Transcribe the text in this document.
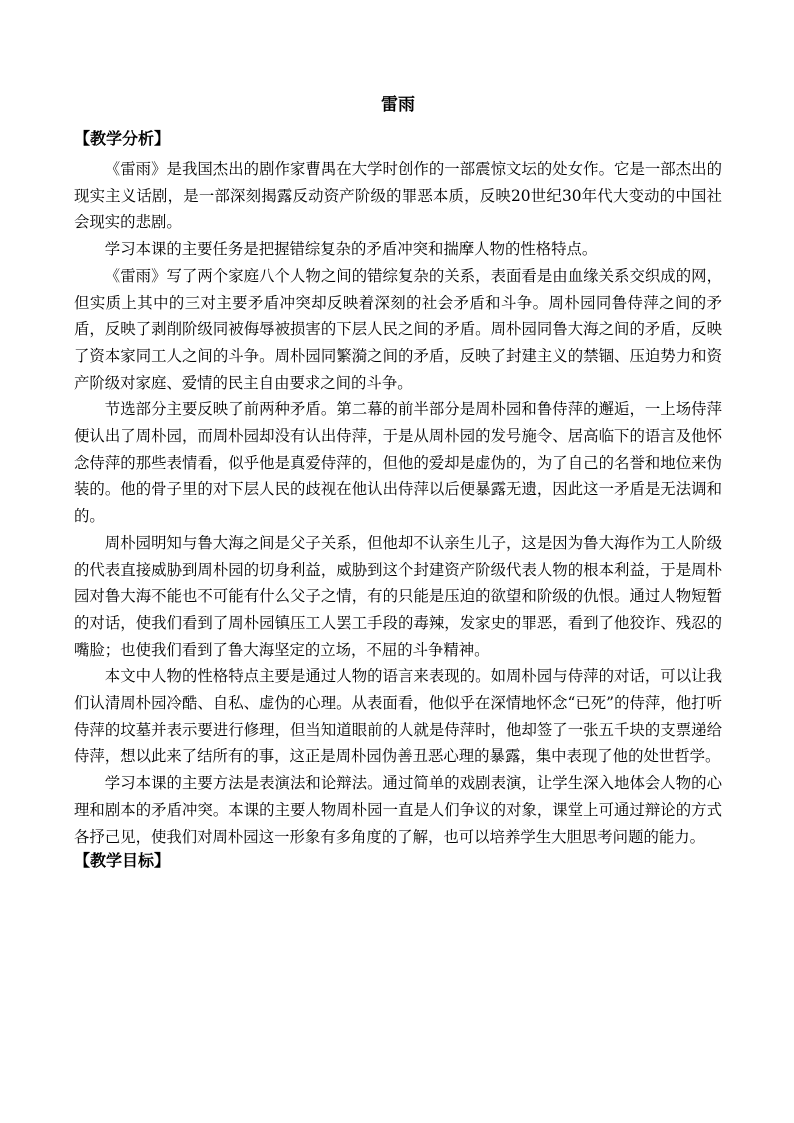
雷雨
【教学分析】

《雷雨》是我国杰出的剧作家曹禺在大学时创作的一部震惊文坛的处女作。它是一部杰出的现实主义话剧，是一部深刻揭露反动资产阶级的罪恶本质，反映20世纪30年代大变动的中国社会现实的悲剧。

学习本课的主要任务是把握错综复杂的矛盾冲突和揣摩人物的性格特点。

《雷雨》写了两个家庭八个人物之间的错综复杂的关系，表面看是由血缘关系交织成的网，但实质上其中的三对主要矛盾冲突却反映着深刻的社会矛盾和斗争。周朴园同鲁侍萍之间的矛盾，反映了剥削阶级同被侮辱被损害的下层人民之间的矛盾。周朴园同鲁大海之间的矛盾，反映了资本家同工人之间的斗争。周朴园同繁漪之间的矛盾，反映了封建主义的禁锢、压迫势力和资产阶级对家庭、爱情的民主自由要求之间的斗争。

节选部分主要反映了前两种矛盾。第二幕的前半部分是周朴园和鲁侍萍的邂逅，一上场侍萍便认出了周朴园，而周朴园却没有认出侍萍，于是从周朴园的发号施令、居高临下的语言及他怀念侍萍的那些表情看，似乎他是真爱侍萍的，但他的爱却是虚伪的，为了自己的名誉和地位来伪装的。他的骨子里的对下层人民的歧视在他认出侍萍以后便暴露无遗，因此这一矛盾是无法调和的。

周朴园明知与鲁大海之间是父子关系，但他却不认亲生儿子，这是因为鲁大海作为工人阶级的代表直接威胁到周朴园的切身利益，威胁到这个封建资产阶级代表人物的根本利益，于是周朴园对鲁大海不能也不可能有什么父子之情，有的只能是压迫的欲望和阶级的仇恨。通过人物短暂的对话，使我们看到了周朴园镇压工人罢工手段的毒辣，发家史的罪恶，看到了他狡诈、残忍的嘴脸；也使我们看到了鲁大海坚定的立场，不屈的斗争精神。

本文中人物的性格特点主要是通过人物的语言来表现的。如周朴园与侍萍的对话，可以让我们认清周朴园冷酷、自私、虚伪的心理。从表面看，他似乎在深情地怀念“已死”的侍萍，他打听侍萍的坟墓并表示要进行修理，但当知道眼前的人就是侍萍时，他却签了一张五千块的支票递给侍萍，想以此来了结所有的事，这正是周朴园伪善丑恶心理的暴露，集中表现了他的处世哲学。

学习本课的主要方法是表演法和论辩法。通过简单的戏剧表演，让学生深入地体会人物的心理和剧本的矛盾冲突。本课的主要人物周朴园一直是人们争议的对象，课堂上可通过辩论的方式各抒己见，使我们对周朴园这一形象有多角度的了解，也可以培养学生大胆思考问题的能力。

【教学目标】
